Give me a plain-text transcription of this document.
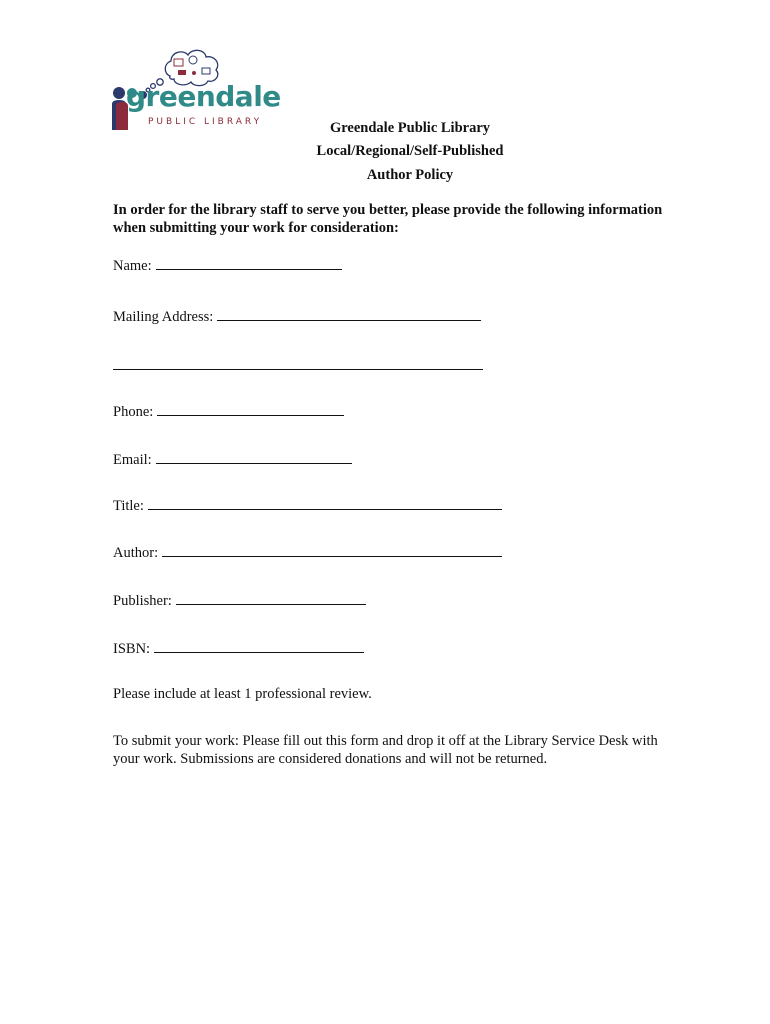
greendale
PUBLIC LIBRARY	Greendale Public Library
Local/Regional/Self-Published
Author Policy
In order for the library staff to serve you better, please provide the following information when submitting your work for consideration:
Name:
Mailing Address:
Phone:
Email:
Title:
Author:
Publisher:
ISBN:
Please include at least 1 professional review.
To submit your work: Please fill out this form and drop it off at the Library Service Desk with your work. Submissions are considered donations and will not be returned.
